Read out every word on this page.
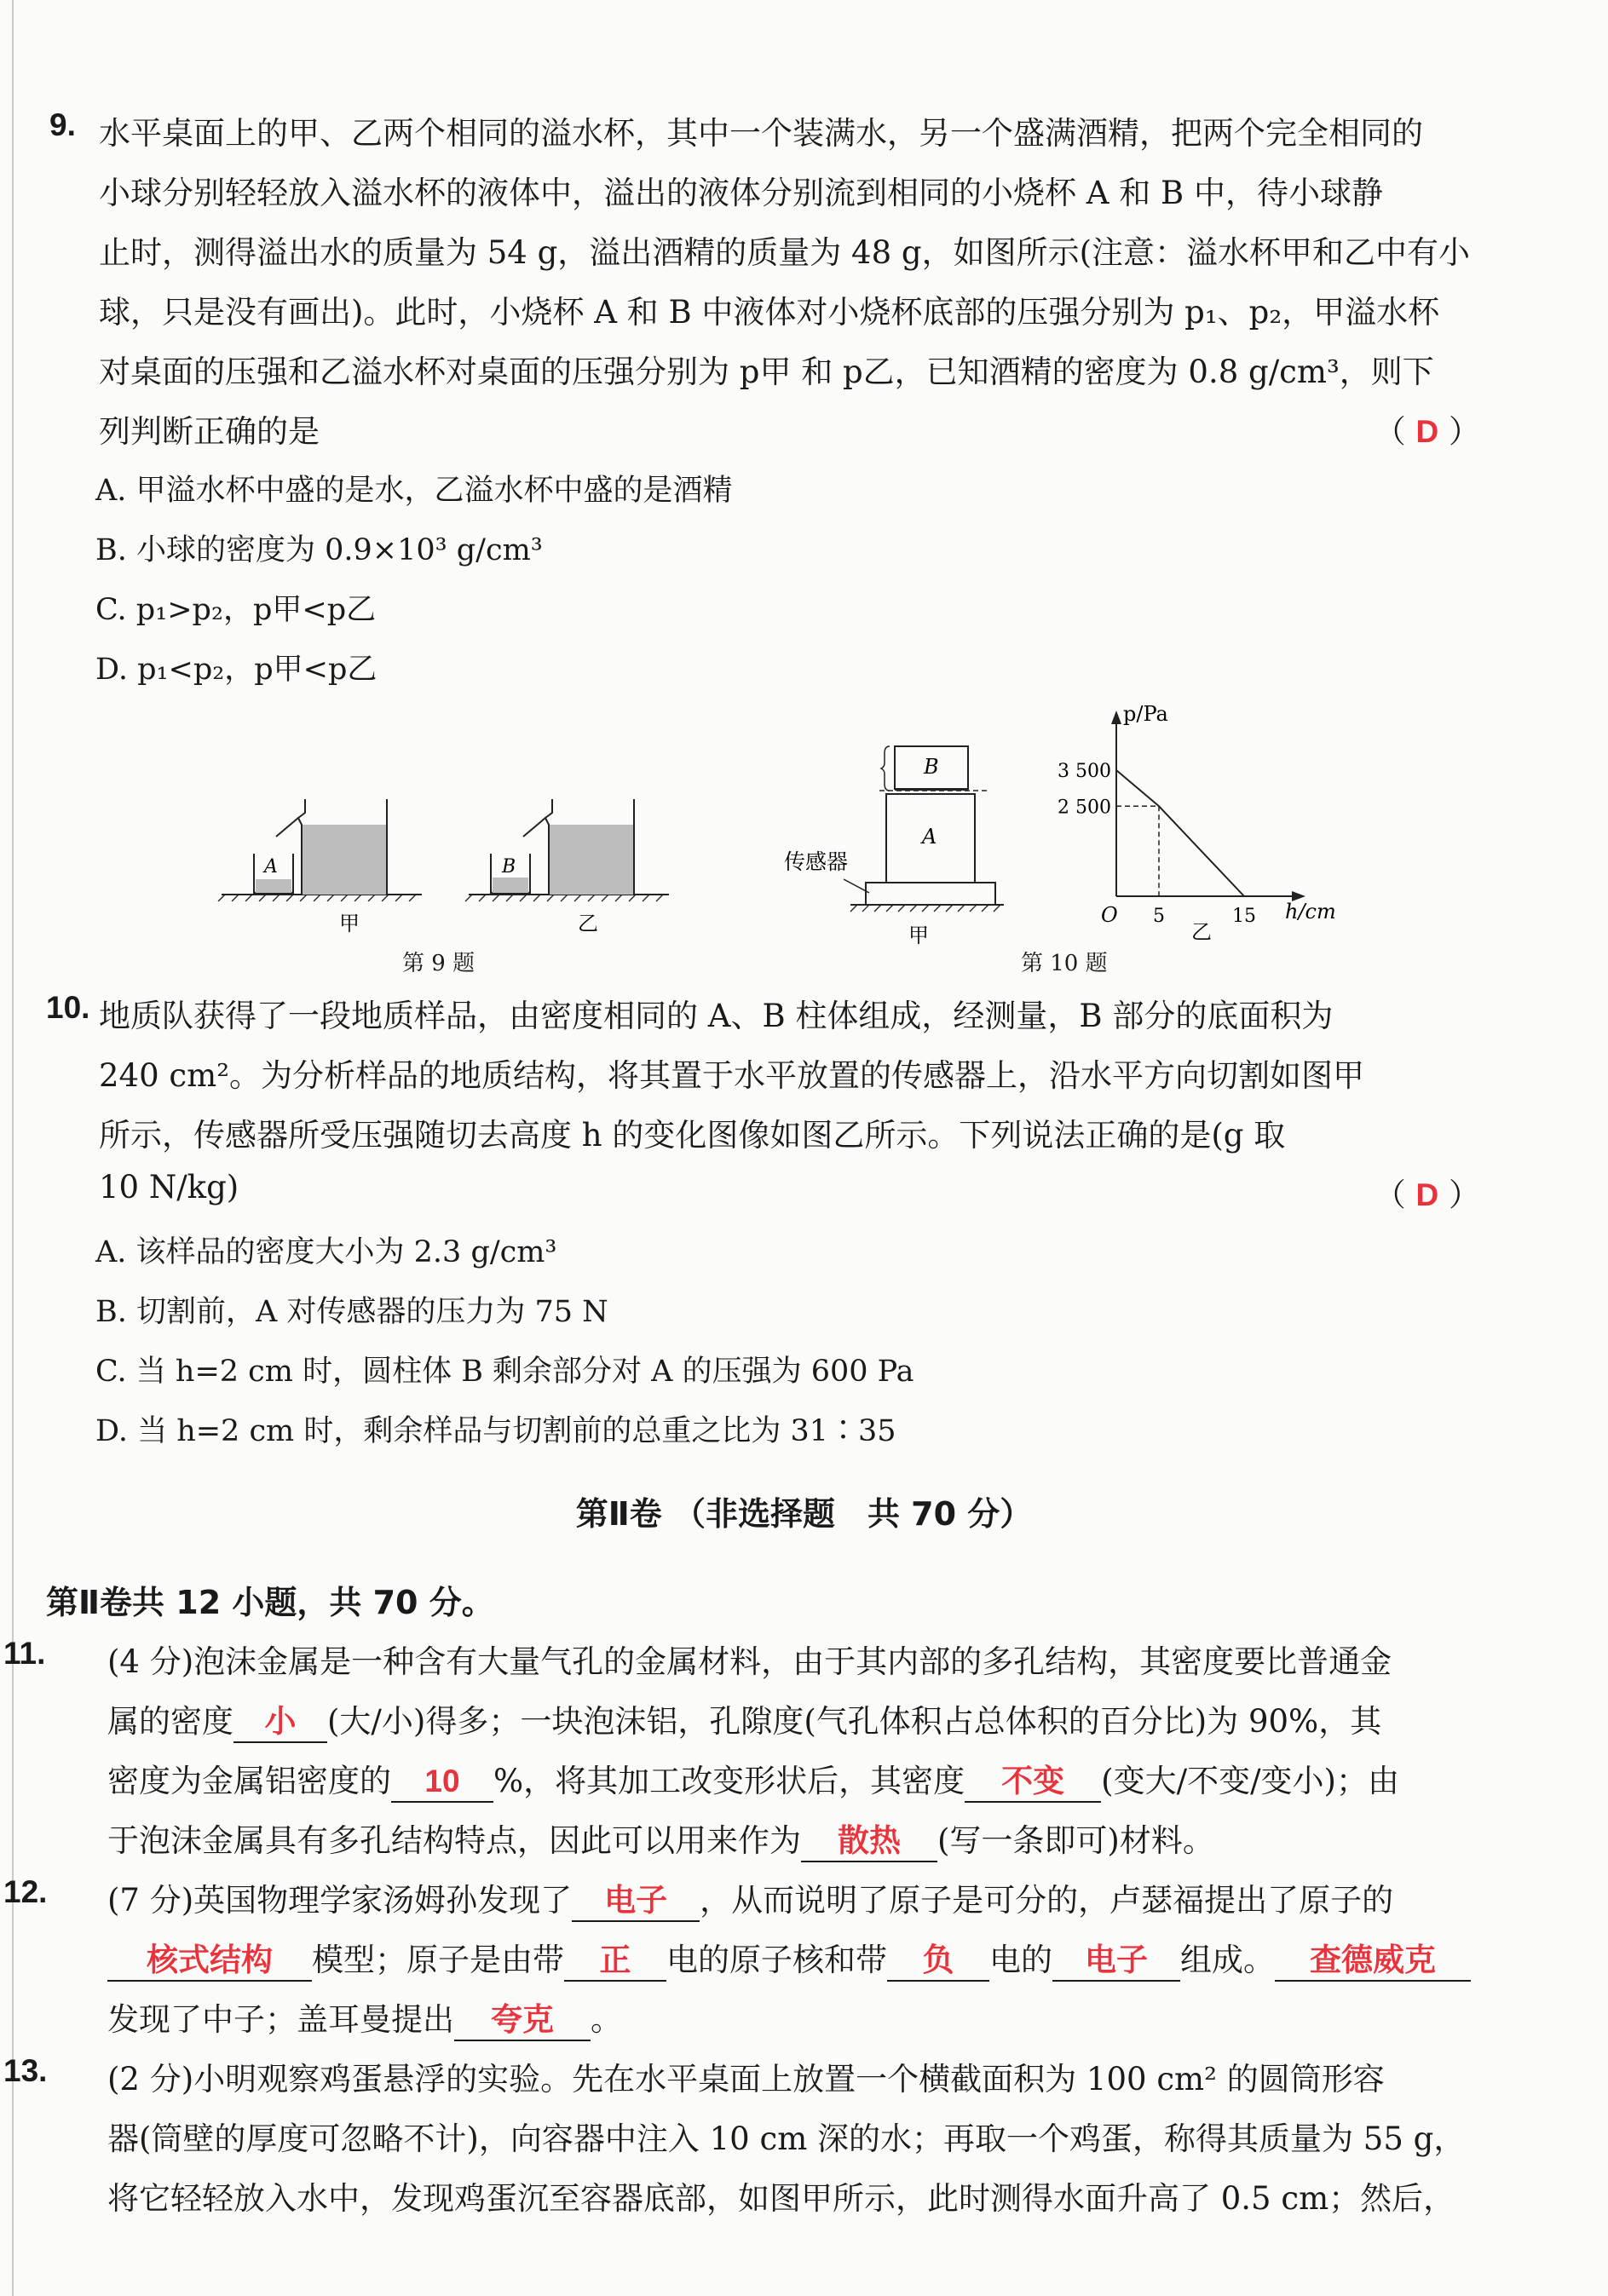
9. 水平桌面上的甲、乙两个相同的溢水杯，其中一个装满水，另一个盛满酒精，把两个完全相同的
小球分别轻轻放入溢水杯的液体中，溢出的液体分别流到相同的小烧杯 A 和 B 中，待小球静
止时，测得溢出水的质量为 54 g，溢出酒精的质量为 48 g，如图所示(注意：溢水杯甲和乙中有小
球，只是没有画出)。此时，小烧杯 A 和 B 中液体对小烧杯底部的压强分别为 p₁、p₂，甲溢水杯
对桌面的压强和乙溢水杯对桌面的压强分别为 p甲 和 p乙，已知酒精的密度为 0.8 g/cm³，则下
列判断正确的是	（ D ）
A. 甲溢水杯中盛的是水，乙溢水杯中盛的是酒精
B. 小球的密度为 0.9×10³ g/cm³
C. p₁>p₂，p甲<p乙
D. p₁<p₂，p甲<p乙
A
甲
B
乙
第 9 题
B
A
传感器
甲
p/Pa
h/cm
3 500
2 500
O 5	15
乙
第 10 题
10. 地质队获得了一段地质样品，由密度相同的 A、B 柱体组成，经测量，B 部分的底面积为
240 cm²。为分析样品的地质结构，将其置于水平放置的传感器上，沿水平方向切割如图甲
所示，传感器所受压强随切去高度 h 的变化图像如图乙所示。下列说法正确的是(g 取
10 N/kg)	（ D ）
A. 该样品的密度大小为 2.3 g/cm³
B. 切割前，A 对传感器的压力为 75 N
C. 当 h=2 cm 时，圆柱体 B 剩余部分对 A 的压强为 600 Pa
D. 当 h=2 cm 时，剩余样品与切割前的总重之比为 31∶35
第Ⅱ卷 （非选择题　共 70 分）
第Ⅱ卷共 12 小题，共 70 分。
11. (4 分)泡沫金属是一种含有大量气孔的金属材料，由于其内部的多孔结构，其密度要比普通金
属的密度 小 (大/小)得多；一块泡沫铝，孔隙度(气孔体积占总体积的百分比)为 90%，其
密度为金属铝密度的 10 %，将其加工改变形状后，其密度 不变 (变大/不变/变小)；由
于泡沫金属具有多孔结构特点，因此可以用来作为 散热 (写一条即可)材料。
12. (7 分)英国物理学家汤姆孙发现了 电子 ，从而说明了原子是可分的，卢瑟福提出了原子的
核式结构 模型；原子是由带 正 电的原子核和带 负 电的 电子 组成。 查德威克
发现了中子；盖耳曼提出 夸克 。
13. (2 分)小明观察鸡蛋悬浮的实验。先在水平桌面上放置一个横截面积为 100 cm² 的圆筒形容
器(筒壁的厚度可忽略不计)，向容器中注入 10 cm 深的水；再取一个鸡蛋，称得其质量为 55 g，
将它轻轻放入水中，发现鸡蛋沉至容器底部，如图甲所示，此时测得水面升高了 0.5 cm；然后，
